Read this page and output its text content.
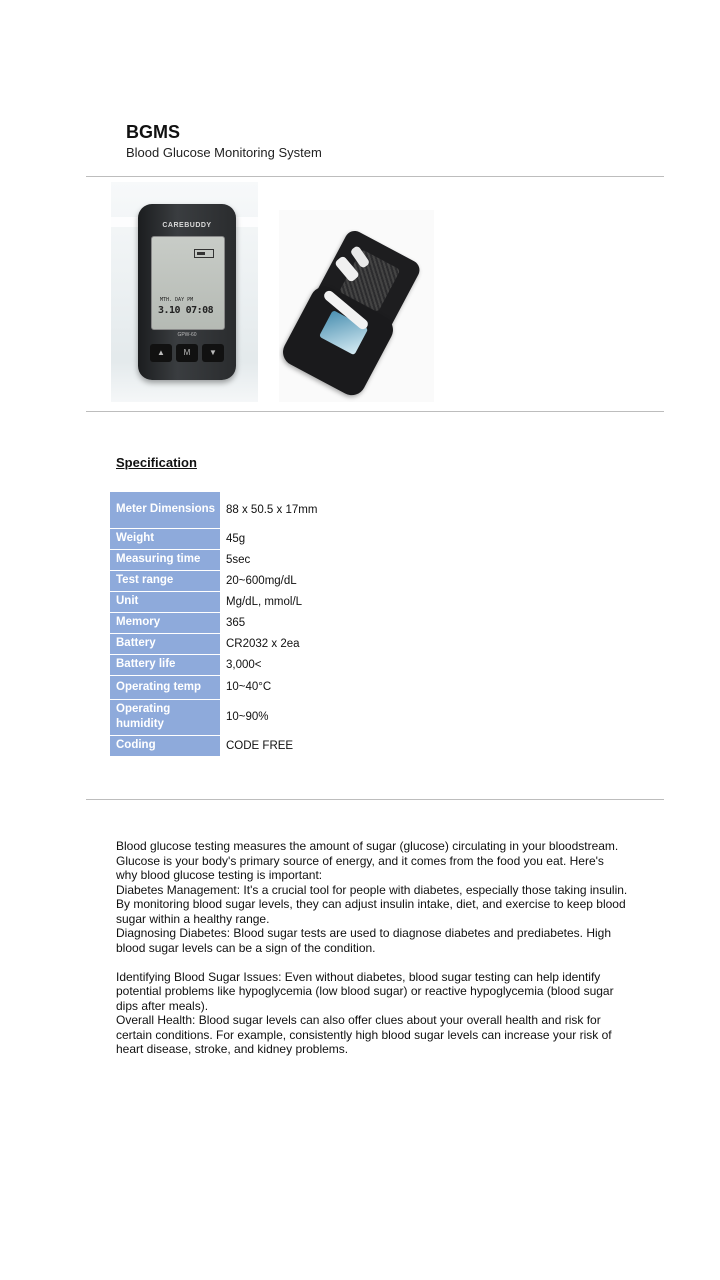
BGMS
Blood Glucose Monitoring System
CAREBUDDY
MTH. DAY PM
3.10 07:08
GPW-60
▲	M	▼
Specification
Meter Dimensions	88 x 50.5 x 17mm
Weight	45g
Measuring time	5sec
Test range	20~600mg/dL
Unit	Mg/dL, mmol/L
Memory	365
Battery	CR2032 x 2ea
Battery life	3,000<
Operating temp	10~40°C
Operating humidity	10~90%
Coding	CODE FREE

Blood glucose testing measures the amount of sugar (glucose) circulating in your bloodstream. Glucose is your body's primary source of energy, and it comes from the food you eat. Here's why blood glucose testing is important:

Diabetes Management: It's a crucial tool for people with diabetes, especially those taking insulin. By monitoring blood sugar levels, they can adjust insulin intake, diet, and exercise to keep blood sugar within a healthy range.

Diagnosing Diabetes: Blood sugar tests are used to diagnose diabetes and prediabetes. High blood sugar levels can be a sign of the condition.

Identifying Blood Sugar Issues: Even without diabetes, blood sugar testing can help identify potential problems like hypoglycemia (low blood sugar) or reactive hypoglycemia (blood sugar dips after meals).

Overall Health: Blood sugar levels can also offer clues about your overall health and risk for certain conditions. For example, consistently high blood sugar levels can increase your risk of heart disease, stroke, and kidney problems.
